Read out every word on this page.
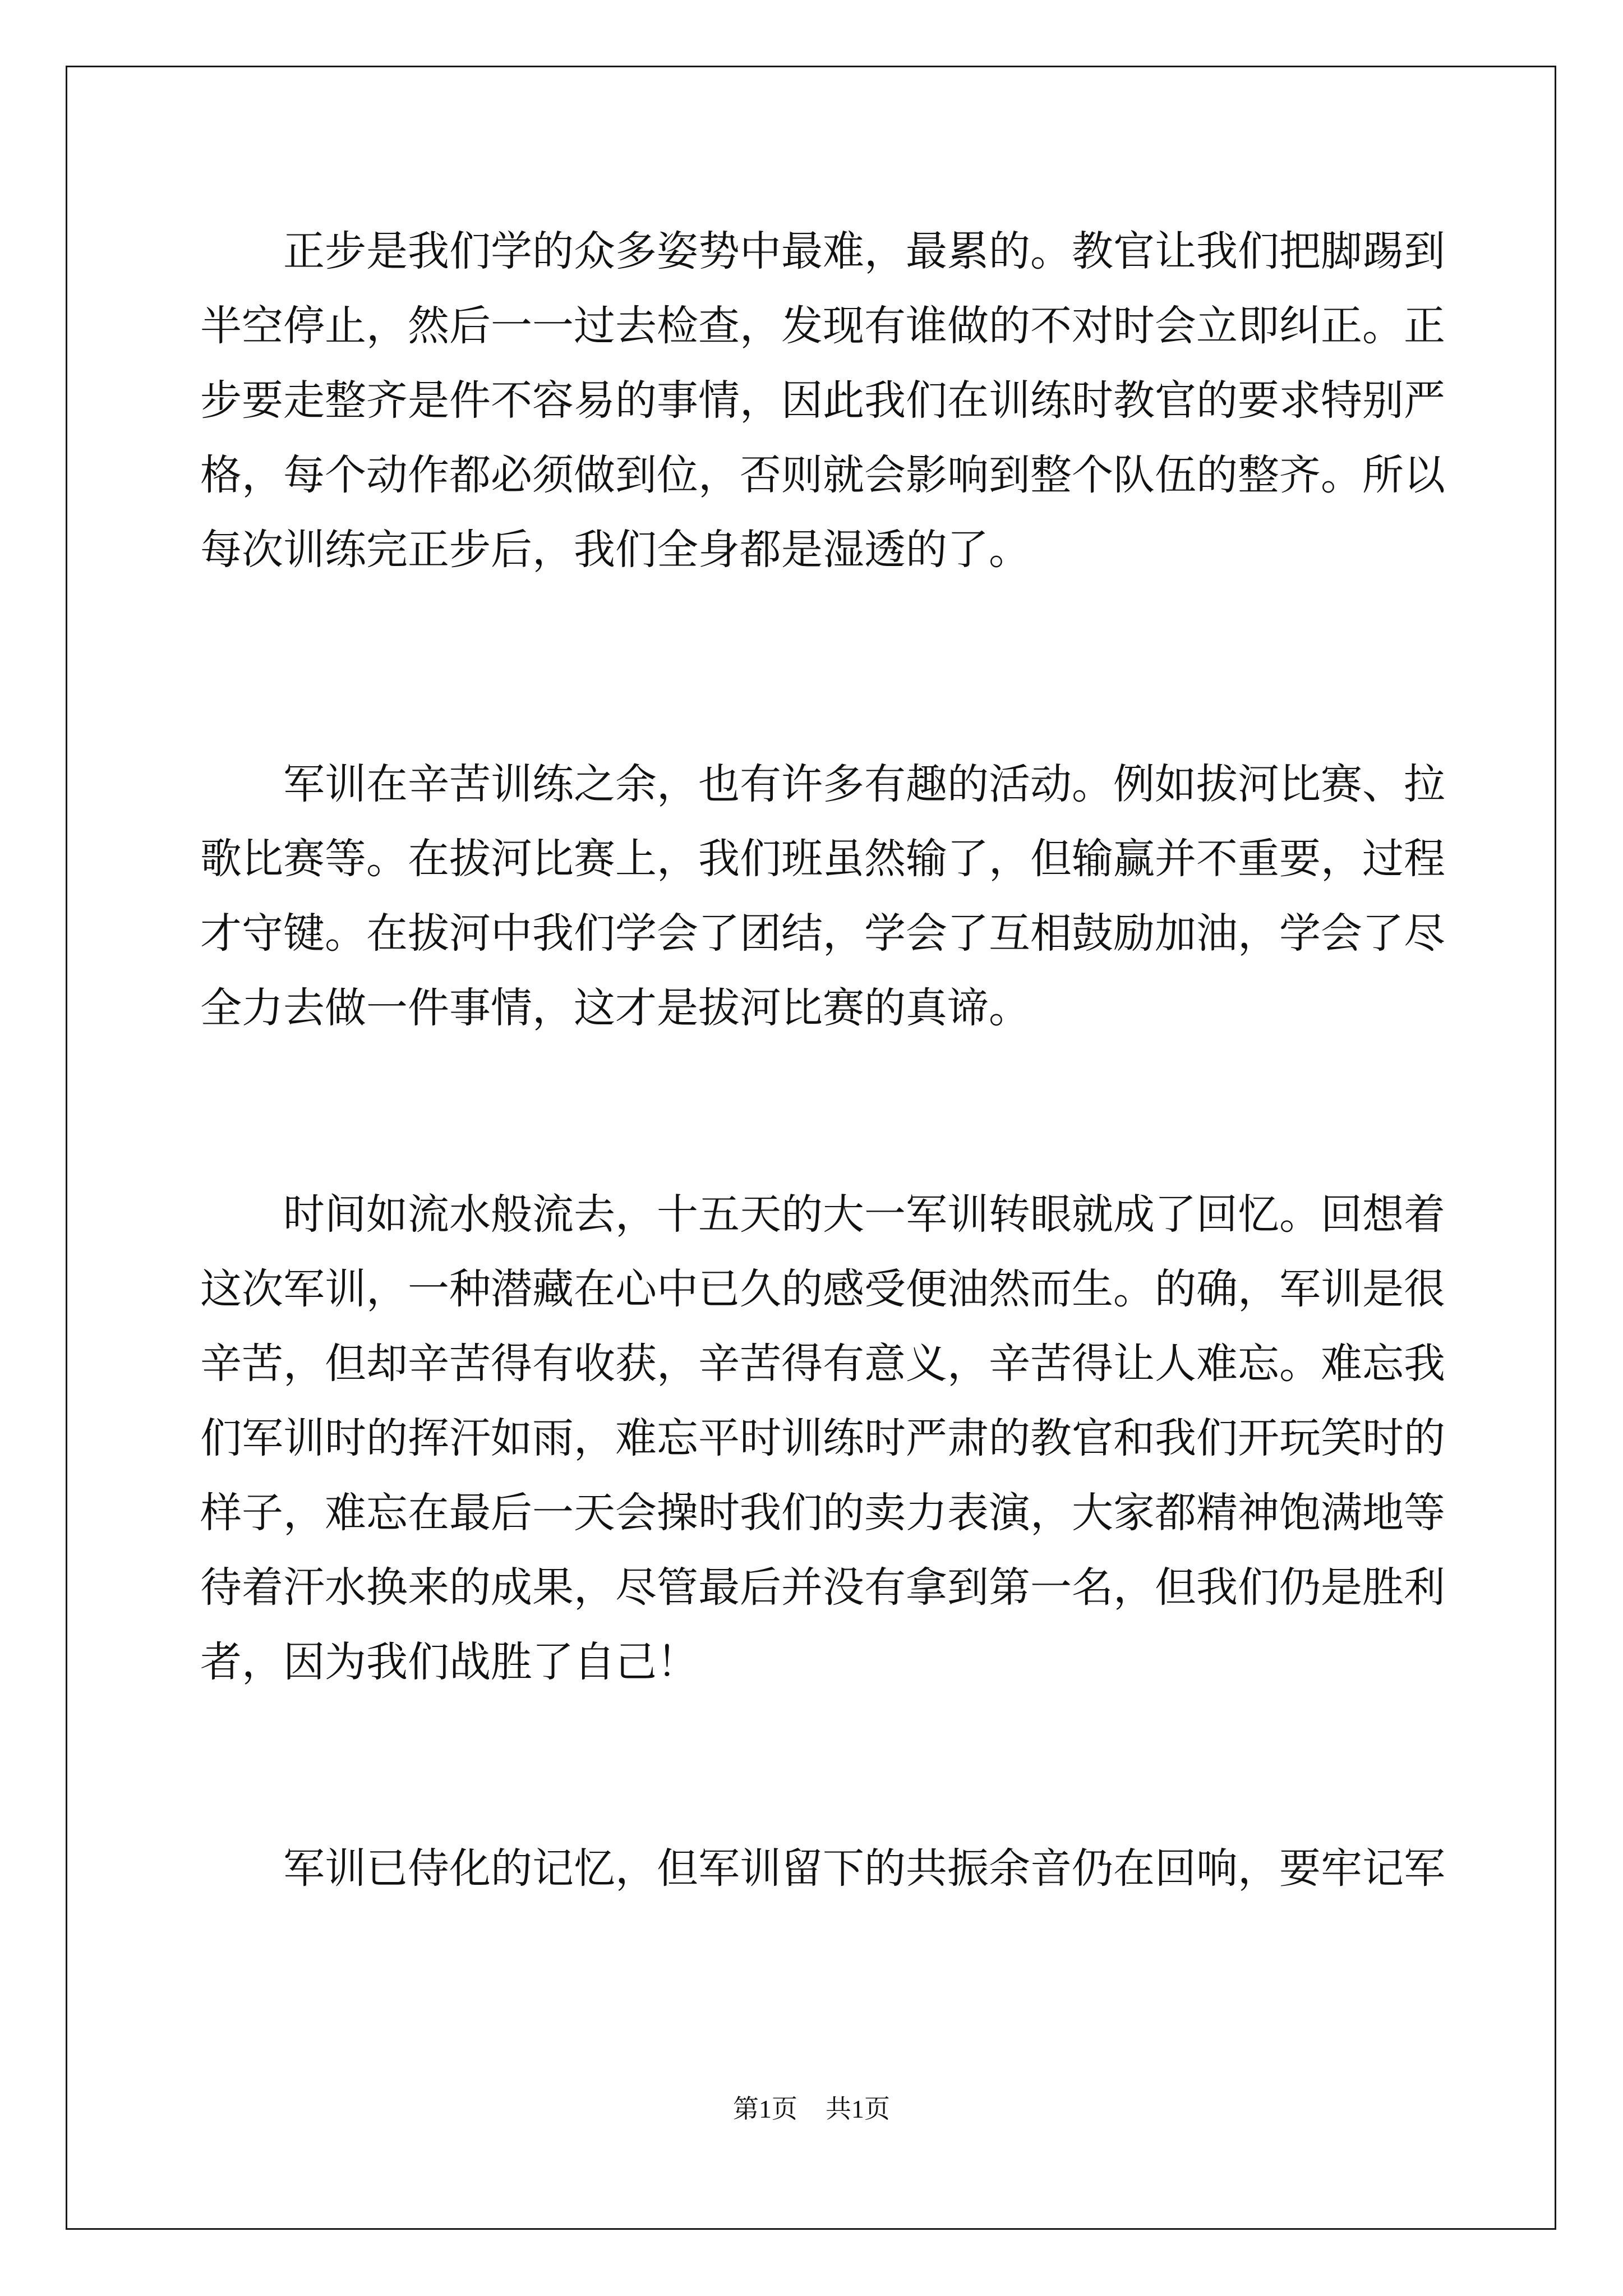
正步是我们学的众多姿势中最难，最累的。教官让我们把脚踢到

半空停止，然后一一过去检查，发现有谁做的不对时会立即纠正。正

步要走整齐是件不容易的事情，因此我们在训练时教官的要求特别严

格，每个动作都必须做到位，否则就会影响到整个队伍的整齐。所以

每次训练完正步后，我们全身都是湿透的了。

军训在辛苦训练之余，也有许多有趣的活动。例如拔河比赛、拉

歌比赛等。在拔河比赛上，我们班虽然输了，但输赢并不重要，过程

才守键。在拔河中我们学会了团结，学会了互相鼓励加油，学会了尽

全力去做一件事情，这才是拔河比赛的真谛。

时间如流水般流去，十五天的大一军训转眼就成了回忆。回想着

这次军训，一种潜藏在心中已久的感受便油然而生。的确，军训是很

辛苦，但却辛苦得有收获，辛苦得有意义，辛苦得让人难忘。难忘我

们军训时的挥汗如雨，难忘平时训练时严肃的教官和我们开玩笑时的

样子，难忘在最后一天会操时我们的卖力表演，大家都精神饱满地等

待着汗水换来的成果，尽管最后并没有拿到第一名，但我们仍是胜利

者，因为我们战胜了自己！

军训已侍化的记忆，但军训留下的共振余音仍在回响，要牢记军

第1页 共1页
